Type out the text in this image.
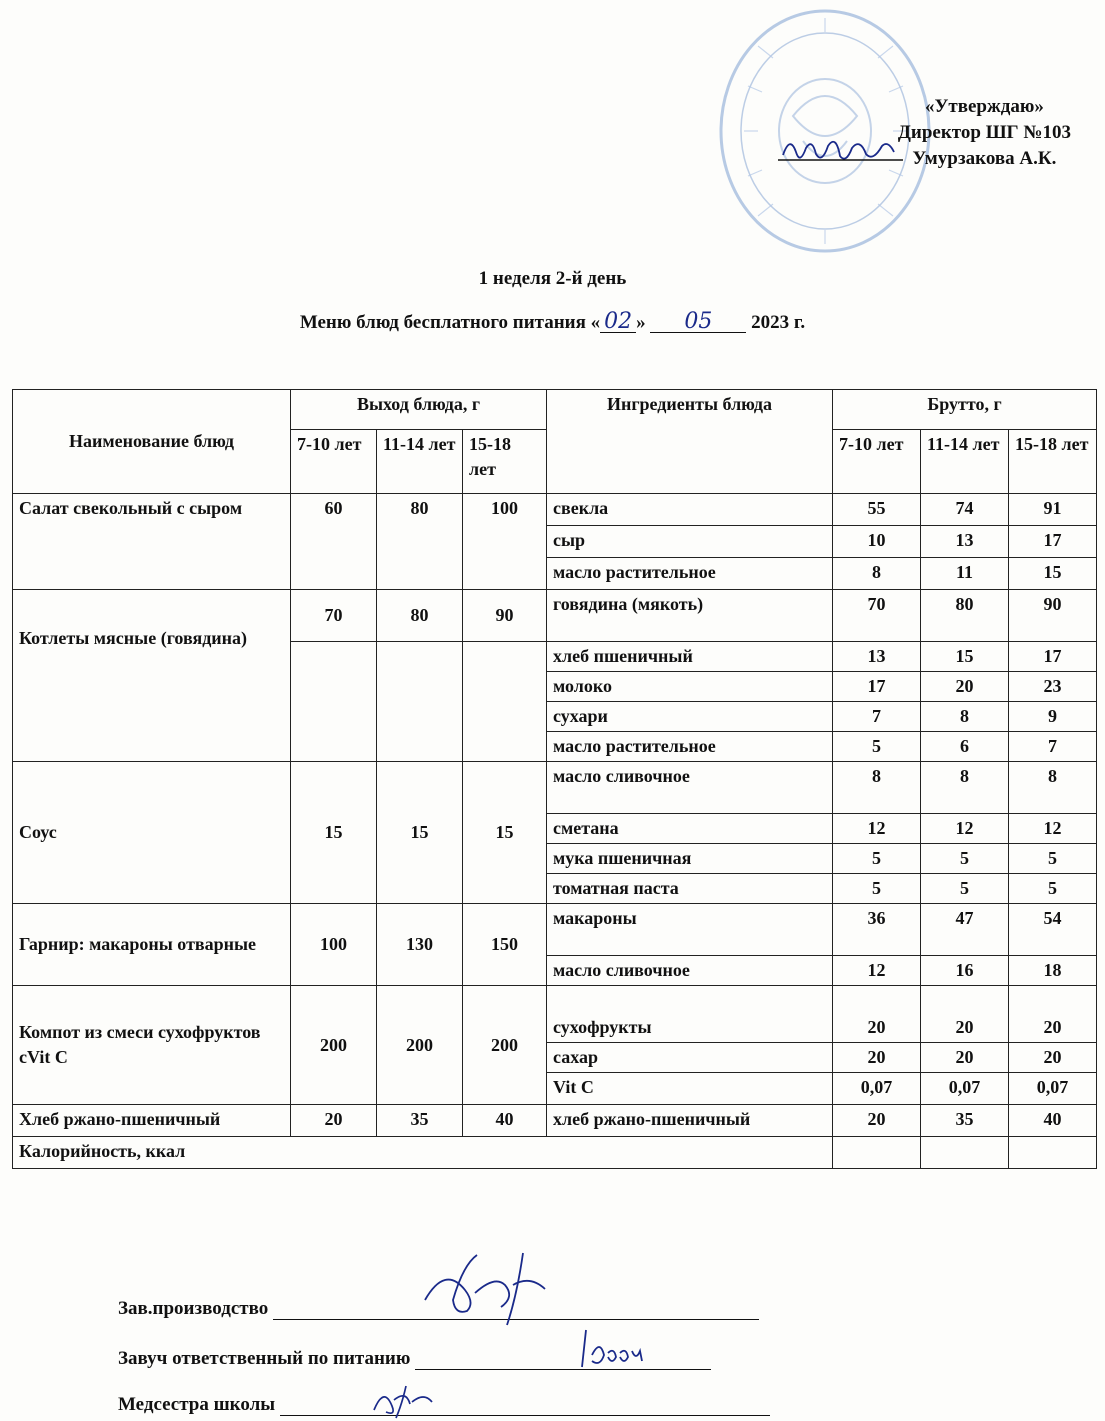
«Утверждаю»
Директор ШГ №103
Умурзакова А.К.
1 неделя 2-й день
Меню блюд бесплатного питания « 02 » 05 2023 г.
Наименование блюд	Выход блюда, г			Ингредиенты блюда	Брутто, г		
	7-10 лет	11-14 лет	15-18 лет		7-10 лет	11-14 лет	15-18 лет
Салат свекольный с сыром	60	80	100	свекла	55	74	91
				сыр	10	13	17
				масло растительное	8	11	15

Котлеты мясные (говядина)	70	80	90	говядина (мякоть)	70	80	90
				хлеб пшеничный	13	15	17
				молоко	17	20	23
				сухари	7	8	9
				масло растительное	5	6	7
Соус	15	15	15	масло сливочное	8	8	8
				сметана	12	12	12
				мука пшеничная	5	5	5
				томатная паста	5	5	5
Гарнир: макароны отварные	100	130	150	макароны	36	47	54
				масло сливочное	12	16	18
Компот из смеси сухофруктов сVit C	200	200	200	сухофрукты	20	20	20
				сахар	20	20	20
				Vit C	0,07	0,07	0,07
Хлеб ржано-пшеничный	20	35	40	хлеб ржано-пшеничный	20	35	40
Калорийность, ккал							
Зав.производство
Завуч ответственный по питанию
Медсестра школы
